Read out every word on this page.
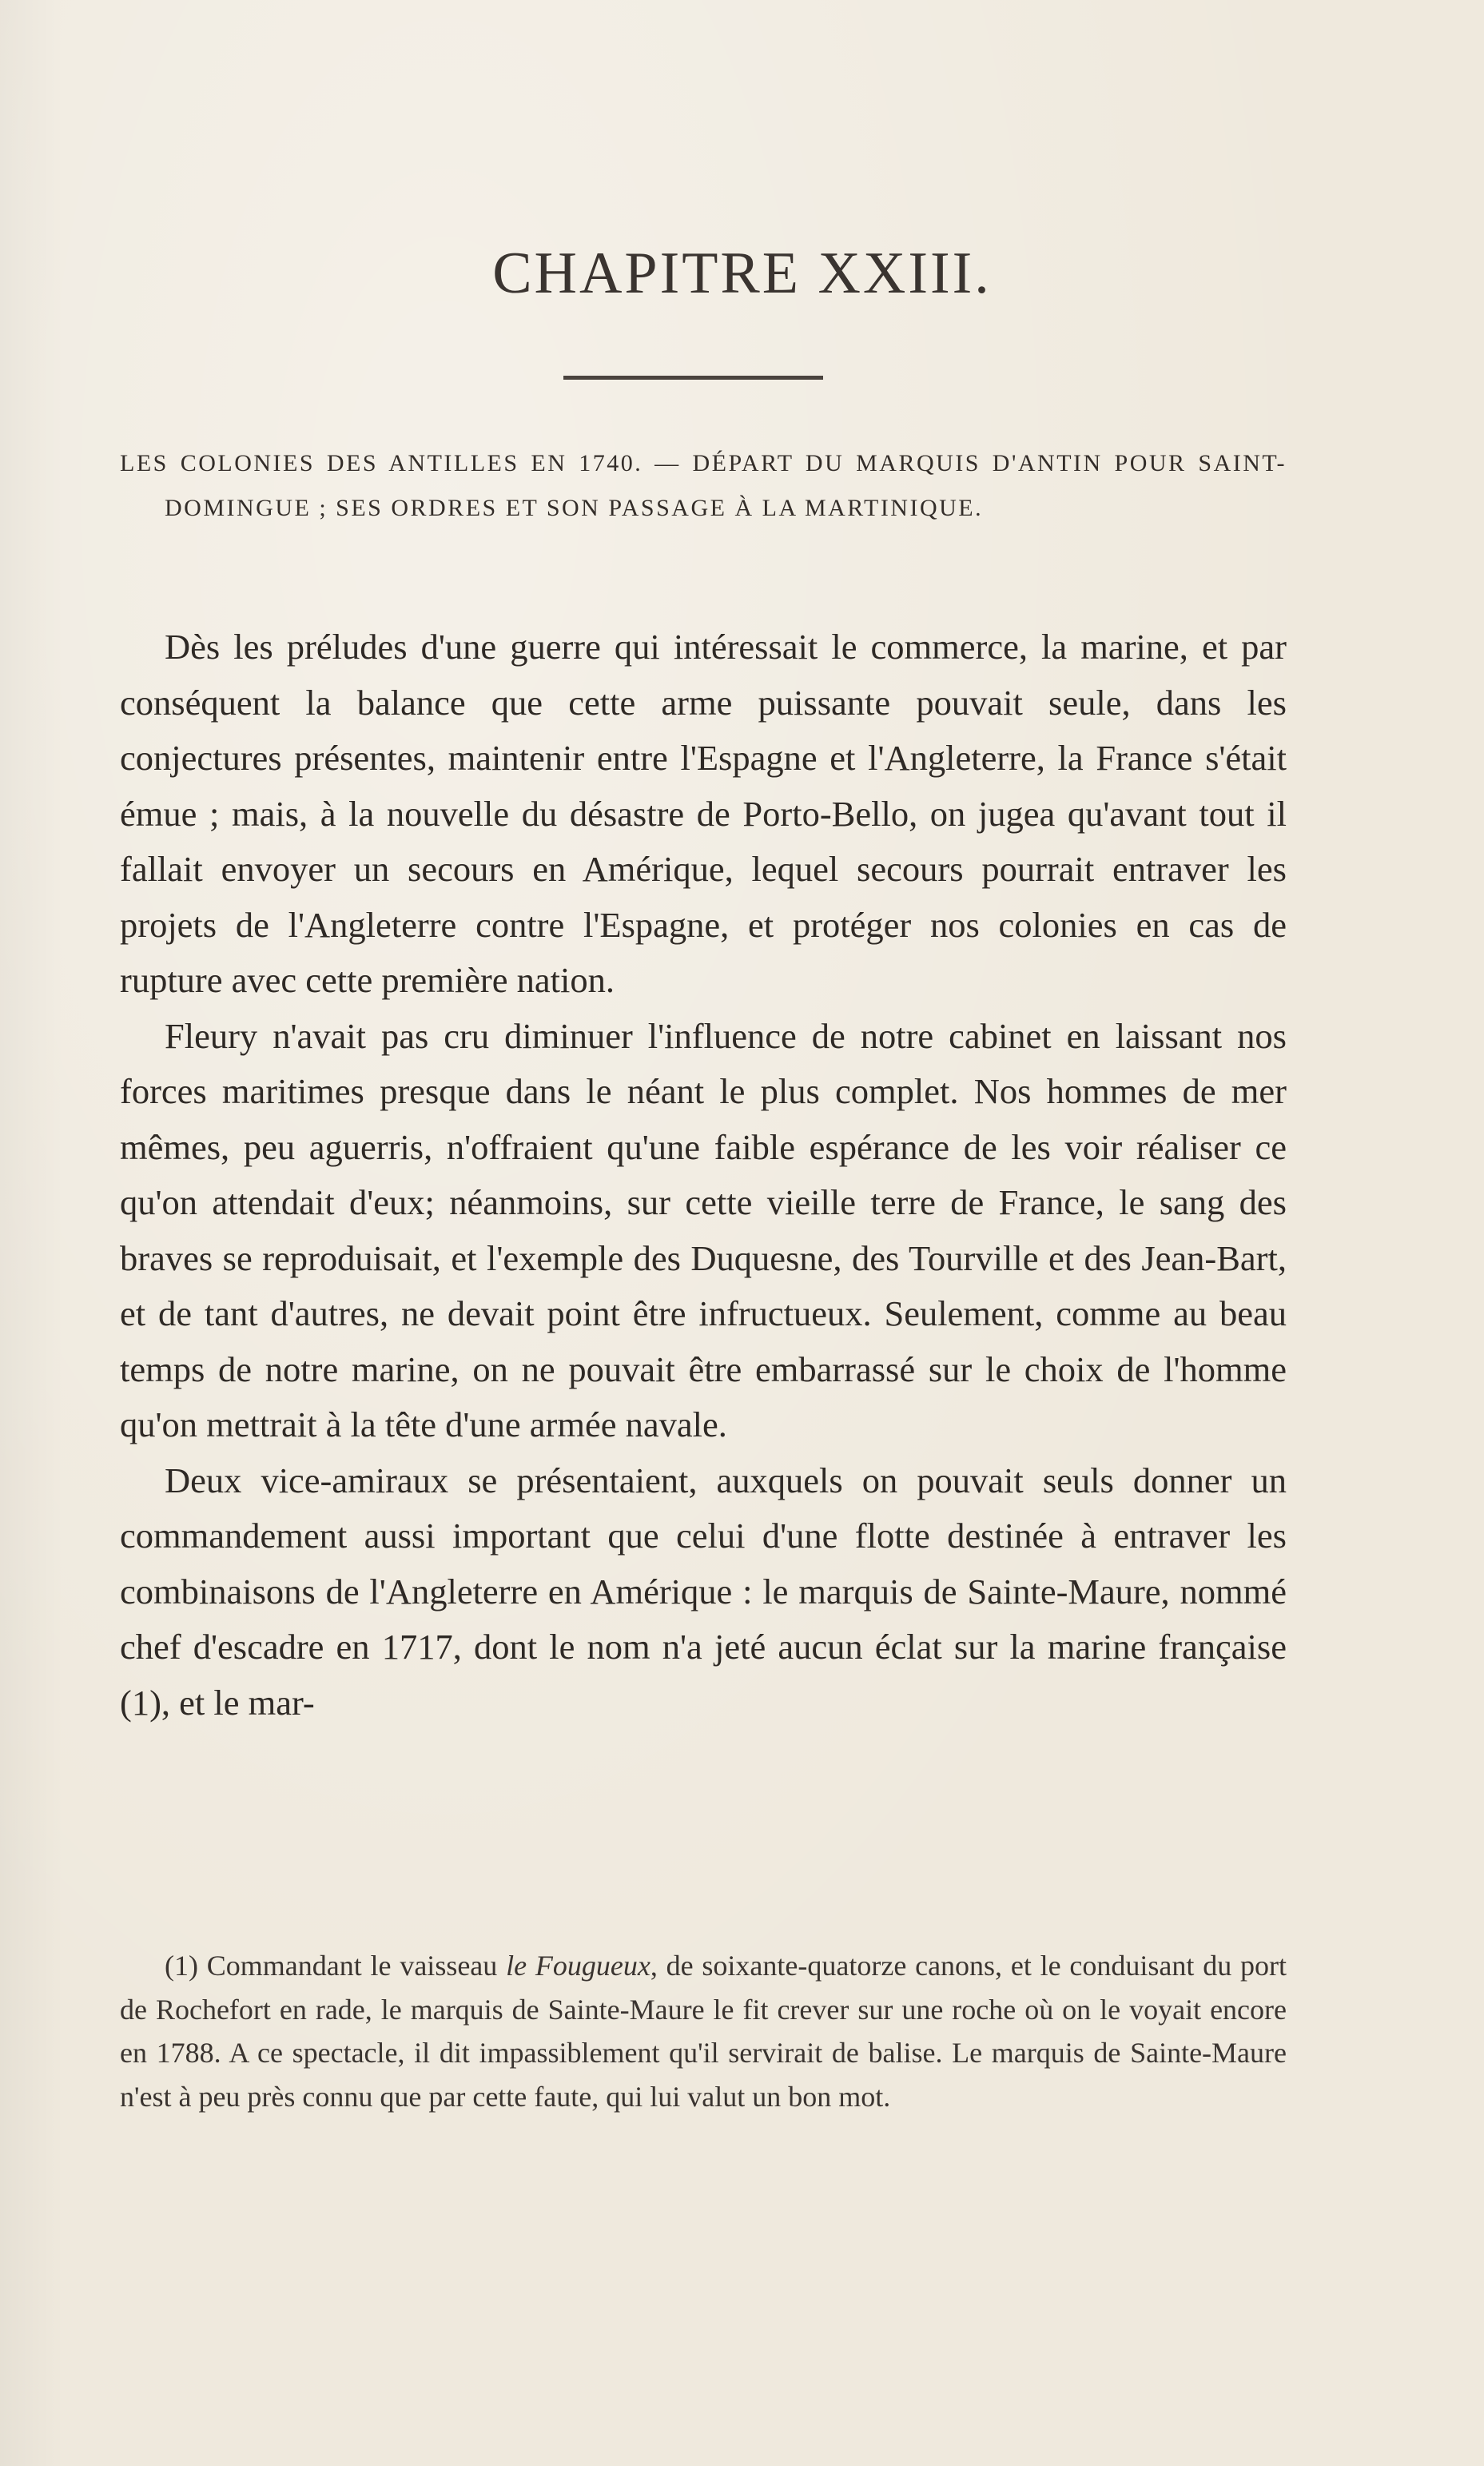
CHAPITRE XXIII.
LES COLONIES DES ANTILLES EN 1740. — DÉPART DU MARQUIS D'ANTIN POUR SAINT-DOMINGUE ; SES ORDRES ET SON PASSAGE À LA MARTINIQUE.

Dès les préludes d'une guerre qui intéressait le commerce, la marine, et par conséquent la balance que cette arme puissante pouvait seule, dans les conjectures présentes, maintenir entre l'Espagne et l'Angleterre, la France s'était émue ; mais, à la nouvelle du désastre de Porto-Bello, on jugea qu'avant tout il fallait envoyer un secours en Amérique, lequel secours pourrait entraver les projets de l'Angleterre contre l'Espagne, et protéger nos colonies en cas de rupture avec cette première nation.

Fleury n'avait pas cru diminuer l'influence de notre cabinet en laissant nos forces maritimes presque dans le néant le plus complet. Nos hommes de mer mêmes, peu aguerris, n'offraient qu'une faible espérance de les voir réaliser ce qu'on attendait d'eux; néanmoins, sur cette vieille terre de France, le sang des braves se reproduisait, et l'exemple des Duquesne, des Tourville et des Jean-Bart, et de tant d'autres, ne devait point être infructueux. Seulement, comme au beau temps de notre marine, on ne pouvait être embarrassé sur le choix de l'homme qu'on mettrait à la tête d'une armée navale.

Deux vice-amiraux se présentaient, auxquels on pouvait seuls donner un commandement aussi important que celui d'une flotte destinée à entraver les combinaisons de l'Angleterre en Amérique : le marquis de Sainte-Maure, nommé chef d'escadre en 1717, dont le nom n'a jeté aucun éclat sur la marine française (1), et le mar-

(1) Commandant le vaisseau le Fougueux, de soixante-quatorze canons, et le conduisant du port de Rochefort en rade, le marquis de Sainte-Maure le fit crever sur une roche où on le voyait encore en 1788. A ce spectacle, il dit impassiblement qu'il servirait de balise. Le marquis de Sainte-Maure n'est à peu près connu que par cette faute, qui lui valut un bon mot.
